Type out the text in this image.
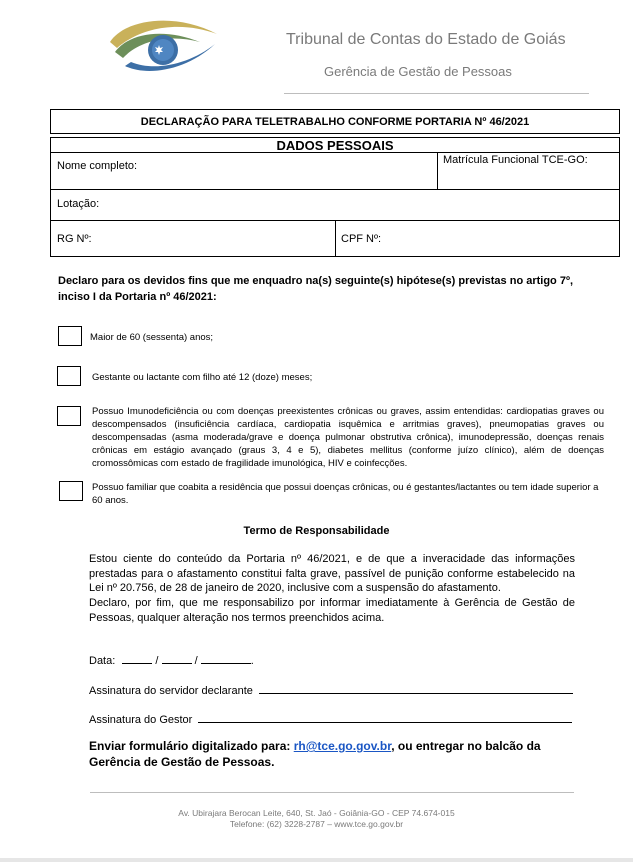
Tribunal de Contas do Estado de Goiás
Gerência de Gestão de Pessoas
DECLARAÇÃO PARA TELETRABALHO CONFORME PORTARIA Nº 46/2021
DADOS PESSOAIS
Nome completo:	Matrícula Funcional TCE-GO:
Lotação:
RG Nº:	CPF Nº:
Declaro para os devidos fins que me enquadro na(s) seguinte(s) hipótese(s) previstas no artigo 7º, inciso I da Portaria nº 46/2021:
Maior de 60 (sessenta) anos;
Gestante ou lactante com filho até 12 (doze) meses;
Possuo Imunodeficiência ou com doenças preexistentes crônicas ou graves, assim entendidas: cardiopatias graves ou descompensados (insuficiência cardíaca, cardiopatia isquêmica e arritmias graves), pneumopatias graves ou descompensadas (asma moderada/grave e doença pulmonar obstrutiva crônica), imunodepressão, doenças renais crônicas em estágio avançado (graus 3, 4 e 5), diabetes mellitus (conforme juízo clínico), além de doenças cromossômicas com estado de fragilidade imunológica, HIV e coinfecções.
Possuo familiar que coabita a residência que possui doenças crônicas, ou é gestantes/lactantes ou tem idade superior a 60 anos.
Termo de Responsabilidade
Estou ciente do conteúdo da Portaria nº 46/2021, e de que a inveracidade das informações prestadas para o afastamento constitui falta grave, passível de punição conforme estabelecido na Lei nº 20.756, de 28 de janeiro de 2020, inclusive com a suspensão do afastamento.
Declaro, por fim, que me responsabilizo por informar imediatamente à Gerência de Gestão de Pessoas, qualquer alteração nos termos preenchidos acima.
Data:	/	/	.
Assinatura do servidor declarante
Assinatura do Gestor
Enviar formulário digitalizado para: rh@tce.go.gov.br, ou entregar no balcão da Gerência de Gestão de Pessoas.
Av. Ubirajara Berocan Leite, 640, St. Jaó - Goiânia-GO - CEP 74.674-015
Telefone: (62) 3228-2787 – www.tce.go.gov.br
